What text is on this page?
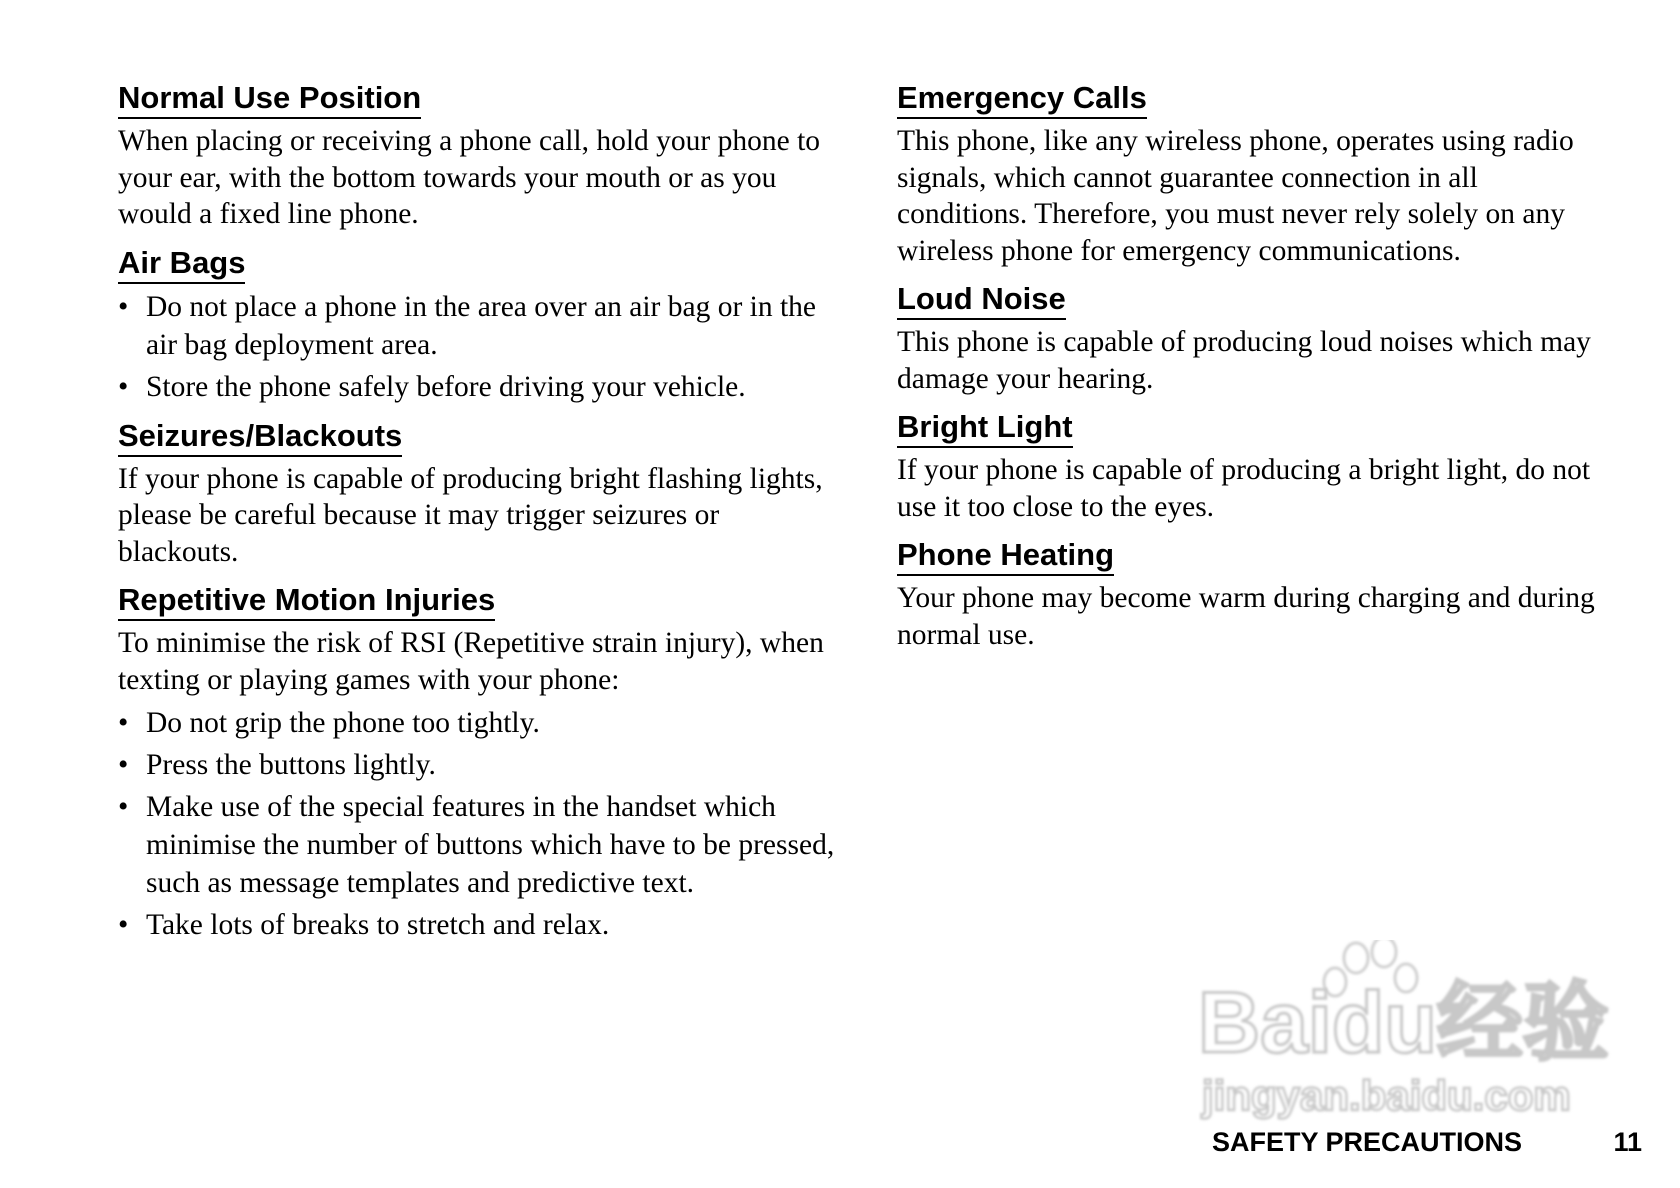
Normal Use Position

When placing or receiving a phone call, hold your phone to your ear, with the bottom towards your mouth or as you would a fixed line phone.

Air Bags
• Do not place a phone in the area over an air bag or in the air bag deployment area.
• Store the phone safely before driving your vehicle.
Seizures/Blackouts

If your phone is capable of producing bright flashing lights, please be careful because it may trigger seizures or blackouts.

Repetitive Motion Injuries

To minimise the risk of RSI (Repetitive strain injury), when texting or playing games with your phone:

• Do not grip the phone too tightly.
• Press the buttons lightly.
• Make use of the special features in the handset which minimise the number of buttons which have to be pressed, such as message templates and predictive text.
• Take lots of breaks to stretch and relax.
Emergency Calls

This phone, like any wireless phone, operates using radio signals, which cannot guarantee connection in all conditions. Therefore, you must never rely solely on any wireless phone for emergency communications.

Loud Noise

This phone is capable of producing loud noises which may damage your hearing.

Bright Light

If your phone is capable of producing a bright light, do not use it too close to the eyes.

Phone Heating

Your phone may become warm during charging and during normal use.

Baidu经验
jingyan.baidu.com
SAFETY PRECAUTIONS	11
